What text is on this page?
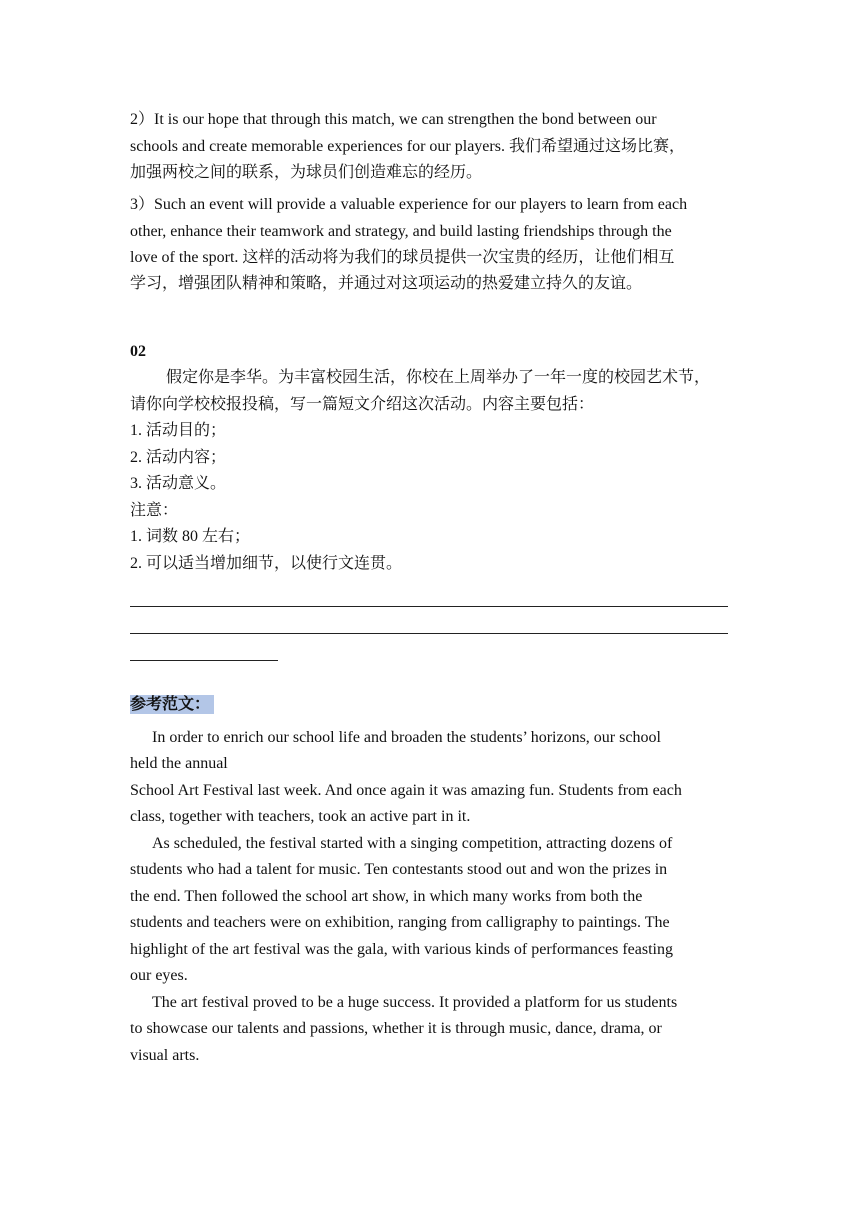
2）It is our hope that through this match, we can strengthen the bond between our
schools and create memorable experiences for our players. 我们希望通过这场比赛，
加强两校之间的联系，为球员们创造难忘的经历。
3）Such an event will provide a valuable experience for our players to learn from each
other, enhance their teamwork and strategy, and build lasting friendships through the
love of the sport. 这样的活动将为我们的球员提供一次宝贵的经历，让他们相互
学习，增强团队精神和策略，并通过对这项运动的热爱建立持久的友谊。
02
假定你是李华。为丰富校园生活，你校在上周举办了一年一度的校园艺术节，
请你向学校校报投稿，写一篇短文介绍这次活动。内容主要包括：
1. 活动目的；
2. 活动内容；
3. 活动意义。
注意：
1. 词数 80 左右；
2. 可以适当增加细节，以使行文连贯。
参考范文：
In order to enrich our school life and broaden the students’ horizons, our school
held the annual
School Art Festival last week. And once again it was amazing fun. Students from each
class, together with teachers, took an active part in it.
As scheduled, the festival started with a singing competition, attracting dozens of
students who had a talent for music. Ten contestants stood out and won the prizes in
the end. Then followed the school art show, in which many works from both the
students and teachers were on exhibition, ranging from calligraphy to paintings. The
highlight of the art festival was the gala, with various kinds of performances feasting
our eyes.
The art festival proved to be a huge success. It provided a platform for us students
to showcase our talents and passions, whether it is through music, dance, drama, or
visual arts.
